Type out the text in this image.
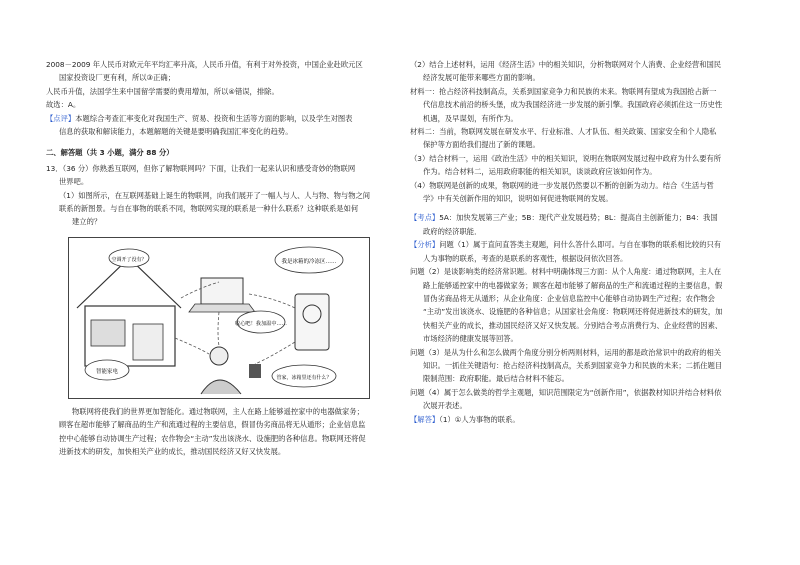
2008－2009 年人民币对欧元年平均汇率升高，人民币升值，有利于对外投资，中国企业赴欧元区

国家投资设厂更有利，所以③正确；

人民币升值，法国学生来中国留学需要的费用增加，所以④错误，排除。

故选：A。

【点评】本题综合考查汇率变化对我国生产、贸易、投资和生活等方面的影响，以及学生对图表

信息的获取和解读能力，本题解题的关键是要明确我国汇率变化的趋势。

二、解答题（共 3 小题，满分 88 分）

13．（36 分）你熟悉互联网，但你了解物联网吗？下面，让我们一起来认识和感受奇妙的物联网

世界吧。

（1）如图所示，在互联网基础上诞生的物联网，向我们展开了一幅人与人、人与物、物与物之间

联系的新图景。与自在事物的联系不同，物联网实现的联系是一种什么联系？这种联系是如何

建立的？

我是冰箱的冷冻区……
收心吧！我加温中……
智能家电
空调开了没有？
管家，冰箱里还有什么？

物联网将使我们的世界更加智能化。通过物联网，主人在路上能够遥控家中的电器做家务；

顾客在超市能够了解商品的生产和流通过程的主要信息，假冒伪劣商品将无从遁形；企业信息监

控中心能够自动协调生产过程；农作物会“主动”发出该浇水、设施肥的各种信息。物联网还将促

进新技术的研发，加快相关产业的成长，推动国民经济又好又快发展。

（2）结合上述材料，运用《经济生活》中的相关知识，分析物联网对个人消费、企业经营和国民

经济发展可能带来哪些方面的影响。

材料一：抢占经济科技制高点，关系到国家竞争力和民族的未来。物联网有望成为我国抢占新一

代信息技术前沿的桥头堡，成为我国经济进一步发展的新引擎。我国政府必须抓住这一历史性

机遇，及早谋划，有所作为。

材料二：当前，物联网发展在研发水平、行业标准、人才队伍、相关政策、国家安全和个人隐私

保护等方面给我们提出了新的课题。

（3）结合材料一，运用《政治生活》中的相关知识，说明在物联网发展过程中政府为什么要有所

作为。结合材料二，运用政府职能的相关知识，谈谈政府应该如何作为。

（4）物联网是创新的成果，物联网的进一步发展仍然要以不断的创新为动力。结合《生活与哲

学》中有关创新作用的知识，说明如何促进物联网的发展。

【考点】5A：加快发展第三产业；5B：现代产业发展趋势；8L：提高自主创新能力；B4：我国

政府的经济职能．

【分析】问题（1）属于直问直答类主观题，问什么答什么即可。与自在事物的联系相比较的只有

人为事物的联系，考查的是联系的客观性，根据设问依次回答。

问题（2）是谈影响类的经济常识题。材料中明确体现三方面：从个人角度：通过物联网，主人在

路上能够遥控家中的电器做家务；顾客在超市能够了解商品的生产和流通过程的主要信息，假

冒伪劣商品将无从遁形；从企业角度：企业信息监控中心能够自动协调生产过程；农作物会

“主动”发出该浇水、设施肥的各种信息；从国家社会角度：物联网还将促进新技术的研发，加

快相关产业的成长，推动国民经济又好又快发展。分别结合考点消费行为、企业经营的因素、

市场经济的健康发展等回答。

问题（3）是从为什么和怎么做两个角度分别分析两则材料，运用的都是政治常识中的政府的相关

知识。一抓住关键语句：抢占经济科技制高点，关系到国家竞争力和民族的未来；二抓住题目

限制范围：政府职能。最后结合材料不能忘。

问题（4）属于怎么做类的哲学主观题，知识范围限定为“创新作用”，依据教材知识并结合材料依

次展开表述。

【解答】（1）①人为事物的联系。
